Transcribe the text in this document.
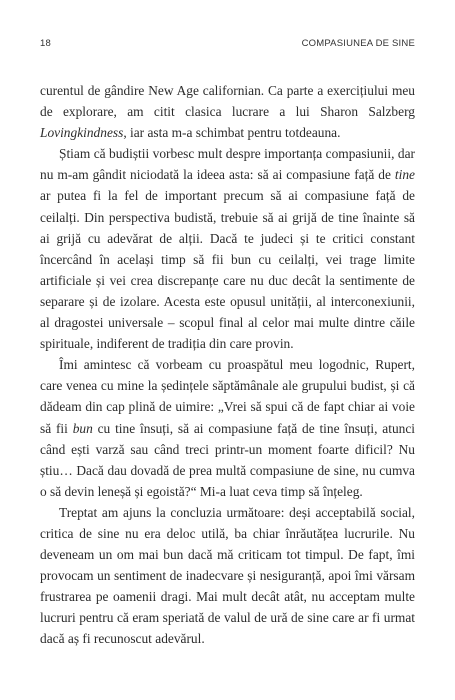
18	COMPASIUNEA DE SINE

curentul de gândire New Age californian. Ca parte a exercițiului meu de explorare, am citit clasica lucrare a lui Sharon Salzberg Lovingkindness, iar asta m-a schimbat pentru totdeauna.

Știam că budiștii vorbesc mult despre importanța compasiunii, dar nu m-am gândit niciodată la ideea asta: să ai compasiune față de tine ar putea fi la fel de important precum să ai compasiune față de ceilalți. Din perspectiva budistă, trebuie să ai grijă de tine înainte să ai grijă cu adevărat de alții. Dacă te judeci și te critici constant încercând în același timp să fii bun cu ceilalți, vei trage limite artificiale și vei crea discrepanțe care nu duc decât la sentimente de separare și de izolare. Acesta este opusul unității, al interconexiunii, al dragostei universale – scopul final al celor mai multe dintre căile spirituale, indiferent de tradiția din care provin.

Îmi amintesc că vorbeam cu proaspătul meu logodnic, Rupert, care venea cu mine la ședințele săptămânale ale grupului budist, și că dădeam din cap plină de uimire: „Vrei să spui că de fapt chiar ai voie să fii bun cu tine însuți, să ai compasiune față de tine însuți, atunci când ești varză sau când treci printr-un moment foarte dificil? Nu știu… Dacă dau dovadă de prea multă compasiune de sine, nu cumva o să devin leneșă și egoistă?“ Mi-a luat ceva timp să înțeleg.

Treptat am ajuns la concluzia următoare: deși acceptabilă social, critica de sine nu era deloc utilă, ba chiar înrăutățea lucrurile. Nu deveneam un om mai bun dacă mă criticam tot timpul. De fapt, îmi provocam un sentiment de inadecvare și nesiguranță, apoi îmi vărsam frustrarea pe oamenii dragi. Mai mult decât atât, nu acceptam multe lucruri pentru că eram speriată de valul de ură de sine care ar fi urmat dacă aș fi recunoscut adevărul.
